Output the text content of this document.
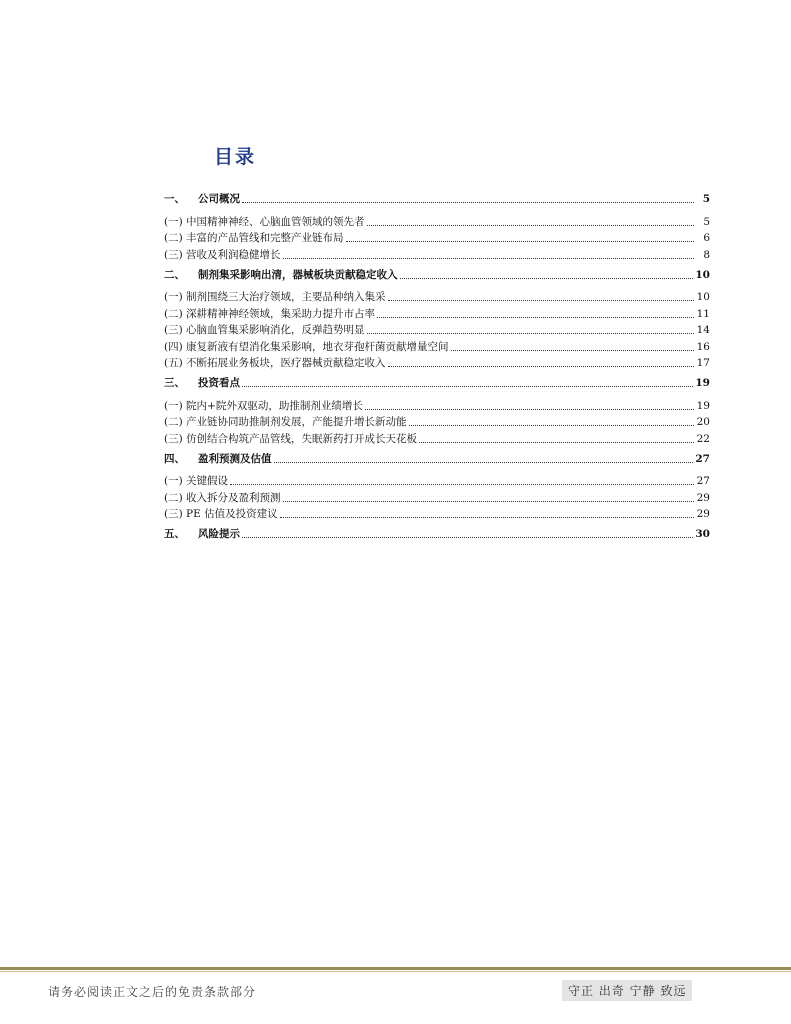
目录
一、	公司概况	5
(一) 中国精神神经、心脑血管领域的领先者	5
(二) 丰富的产品管线和完整产业链布局	6
(三) 营收及利润稳健增长	8
二、	制剂集采影响出清，器械板块贡献稳定收入	10
(一) 制剂围绕三大治疗领域，主要品种纳入集采	10
(二) 深耕精神神经领域，集采助力提升市占率	11
(三) 心脑血管集采影响消化，反弹趋势明显	14
(四) 康复新液有望消化集采影响，地衣芽孢杆菌贡献增量空间	16
(五) 不断拓展业务板块，医疗器械贡献稳定收入	17
三、	投资看点	19
(一) 院内+院外双驱动，助推制剂业绩增长	19
(二) 产业链协同助推制剂发展，产能提升增长新动能	20
(三) 仿创结合构筑产品管线，失眠新药打开成长天花板	22
四、	盈利预测及估值	27
(一) 关键假设	27
(二) 收入拆分及盈利预测	29
(三) PE 估值及投资建议	29
五、	风险提示	30
请务必阅读正文之后的免责条款部分	守正 出奇 宁静 致远
